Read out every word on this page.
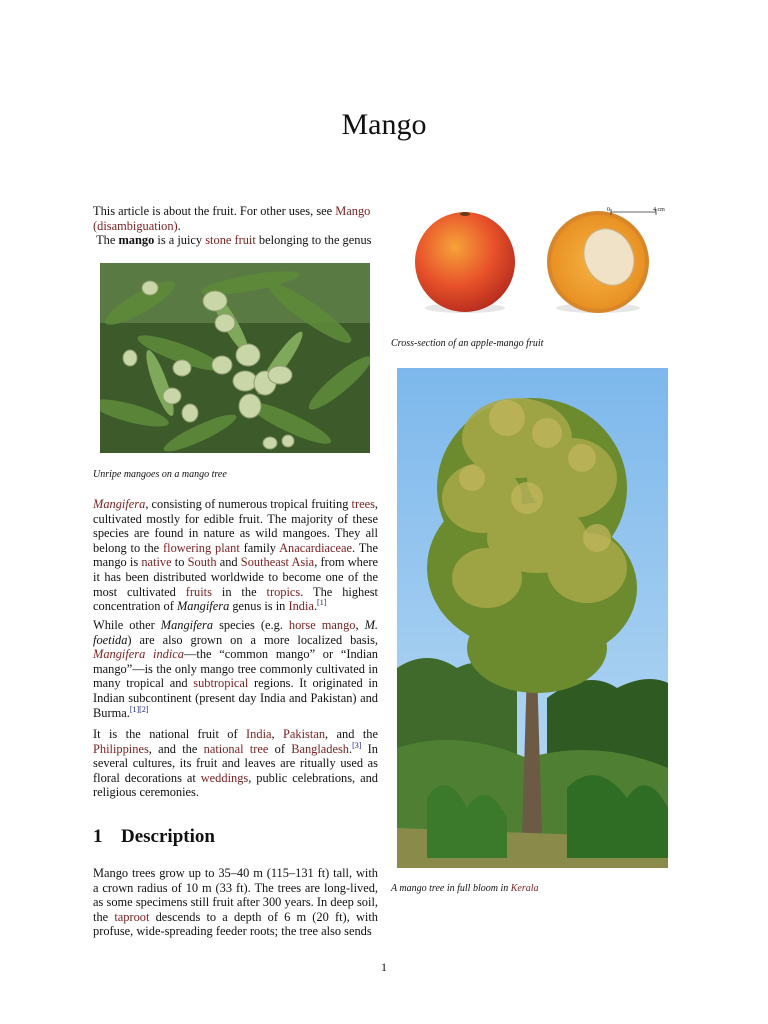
Mango

This article is about the fruit. For other uses, see Mango (disambiguation).

The mango is a juicy stone fruit belonging to the genus

Unripe mangoes on a mango tree

Mangifera, consisting of numerous tropical fruiting trees, cultivated mostly for edible fruit. The majority of these species are found in nature as wild mangoes. They all belong to the flowering plant family Anacardiaceae. The mango is native to South and Southeast Asia, from where it has been distributed worldwide to become one of the most cultivated fruits in the tropics. The highest concentration of Mangifera genus is in India.[1]

While other Mangifera species (e.g. horse mango, M. foetida) are also grown on a more localized basis, Mangifera indica—the “common mango” or “Indian mango”—is the only mango tree commonly cultivated in many tropical and subtropical regions. It originated in Indian subcontinent (present day India and Pakistan) and Burma.[1][2]

It is the national fruit of India, Pakistan, and the Philippines, and the national tree of Bangladesh.[3] In several cultures, its fruit and leaves are ritually used as floral decorations at weddings, public celebrations, and religious ceremonies.

1 Description

Mango trees grow up to 35–40 m (115–131 ft) tall, with a crown radius of 10 m (33 ft). The trees are long-lived, as some specimens still fruit after 300 years. In deep soil, the taproot descends to a depth of 6 m (20 ft), with profuse, wide-spreading feeder roots; the tree also sends

0	4 cm
Cross-section of an apple-mango fruit
A mango tree in full bloom in Kerala
1
